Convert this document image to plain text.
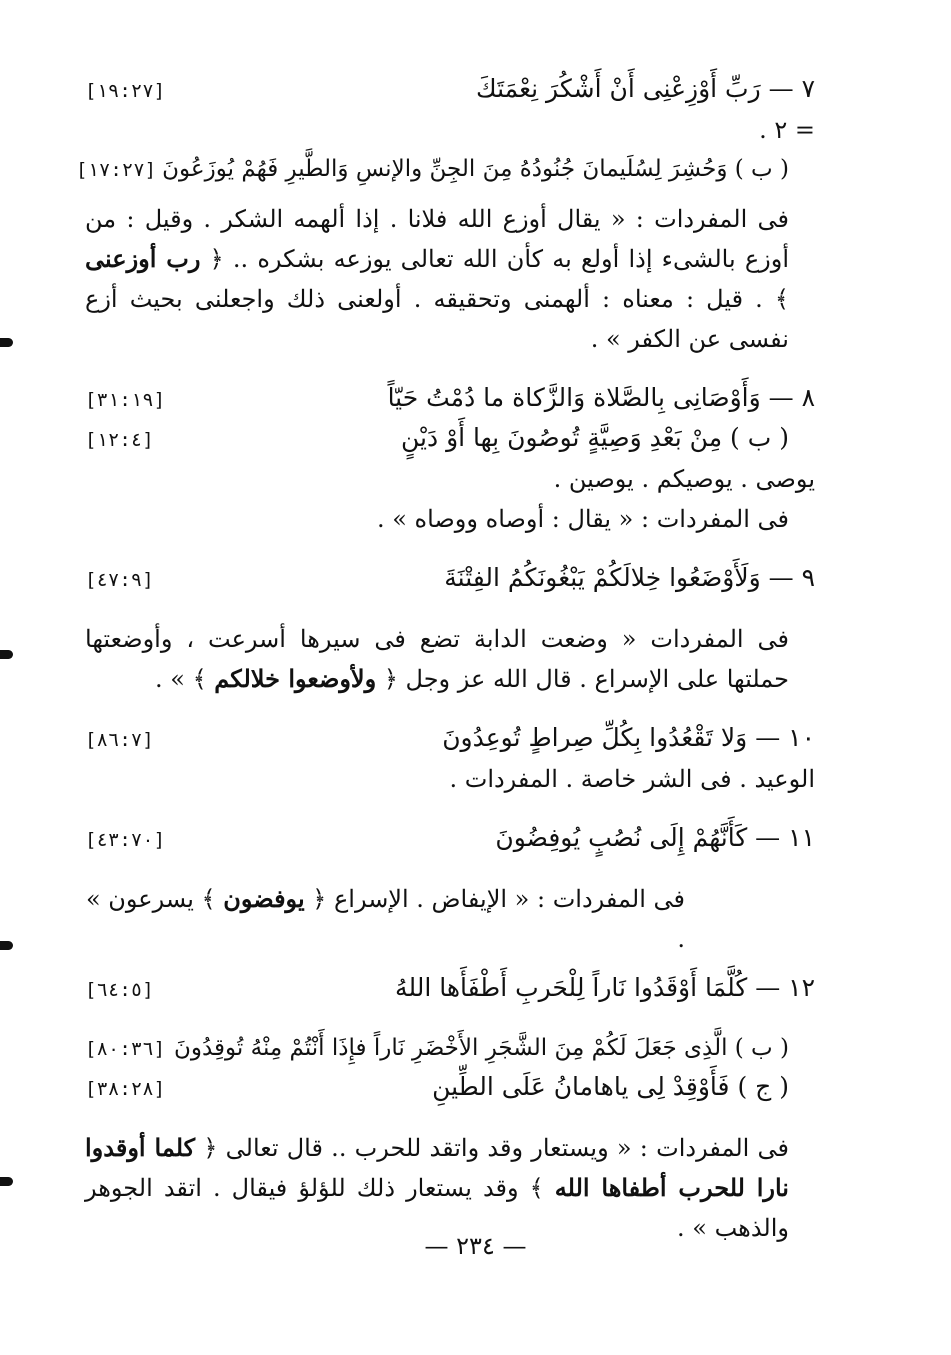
٧ — رَبِّ أَوْزِعْنِى أَنْ أَشْكُرَ نِعْمَتَكَ
[١٩:٢٧]
= ٢ .
( ب ) وَحُشِرَ لِسُلَيمانَ جُنُودُهُ مِنَ الجِنِّ والإنسِ وَالطَّيرِ فَهُمْ يُوزَعُونَ
[١٧:٢٧]
فى المفردات : « يقال أوزع الله فلانا . إذا ألهمه الشكر . وقيل : من أوزع بالشىء إذا أولع به كأن الله تعالى يوزعه بشكره .. ﴿ رب أوزعنى ﴾ . قيل : معناه : ألهمنى وتحقيقه . أولعنى ذلك واجعلنى بحيث أزع نفسى عن الكفر » .
٨ — وَأَوْصَانِى بِالصَّلاة وَالزَّكاة ما دُمْتُ حَيّاً
[٣١:١٩]
( ب ) مِنْ بَعْدِ وَصِيَّةٍ تُوصُونَ بِها أَوْ دَيْنٍ
[١٢:٤]
يوصى . يوصيكم . يوصين .
فى المفردات : « يقال : أوصاه ووصاه » .
٩ — وَلَأَوْضَعُوا خِلالَكُمْ يَبْغُونَكُمُ الفِتْنَةَ
[٤٧:٩]
فى المفردات « وضعت الدابة تضع فى سيرها أسرعت ، وأوضعتها حملتها على الإسراع . قال الله عز وجل ﴿ ولأوضعوا خلالكم ﴾ » .
١٠ — وَلا تَقْعُدُوا بِكُلِّ صِراطٍ تُوعِدُونَ
[٨٦:٧]
الوعيد . فى الشر خاصة . المفردات .
١١ — كَأَنَّهُمْ إِلَى نُصُبٍ يُوفِضُونَ
[٤٣:٧٠]
فى المفردات : « الإيفاض . الإسراع ﴿ يوفضون ﴾ يسرعون » .
١٢ — كُلَّمَا أَوْقَدُوا نَاراً لِلْحَربِ أَطْفَأَها اللهُ
[٦٤:٥]
( ب ) الَّذِى جَعَلَ لَكُمْ مِنَ الشَّجَرِ الأَخْضَرِ نَاراً فإِذَا أَنْتُمْ مِنْهُ تُوقِدُونَ
[٨٠:٣٦]
( ج ) فَأَوْقِدْ لِى ياهامانُ عَلَى الطِّينِ
[٣٨:٢٨]
فى المفردات : « ويستعار وقد واتقد للحرب .. قال تعالى ﴿ كلما أوقدوا نارا للحرب أطفاها الله ﴾ وقد يستعار ذلك للؤلؤ فيقال . اتقد الجوهر والذهب » .
— ٢٣٤ —
